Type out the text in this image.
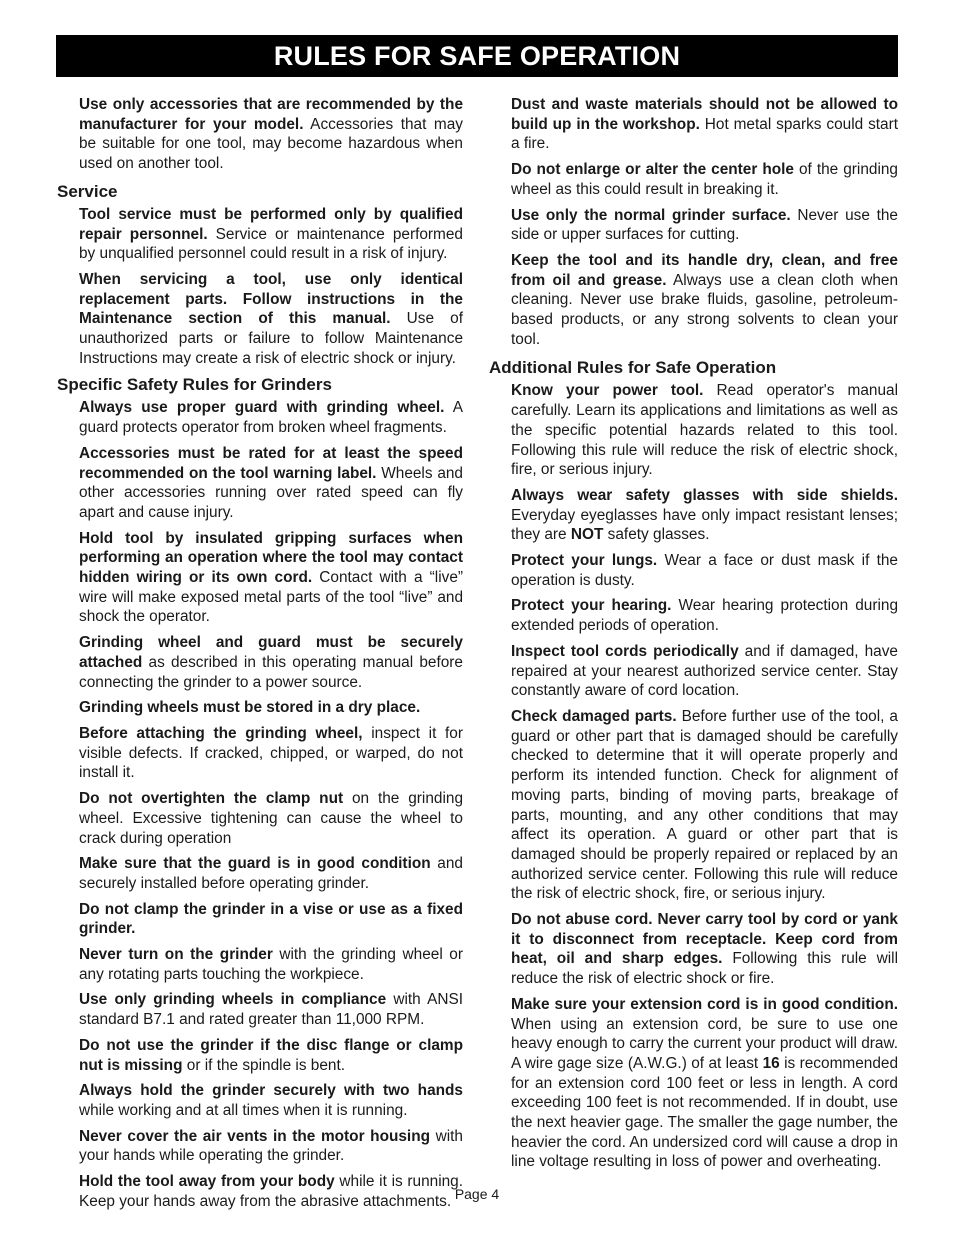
RULES FOR SAFE OPERATION

Use only accessories that are recommended by the manufacturer for your model. Accessories that may be suitable for one tool, may become hazardous when used on another tool.

Service

Tool service must be performed only by qualified repair personnel. Service or maintenance performed by unqualified personnel could result in a risk of injury.

When servicing a tool, use only identical replacement parts. Follow instructions in the Maintenance section of this manual. Use of unauthorized parts or failure to follow Maintenance Instructions may create a risk of electric shock or injury.

Specific Safety Rules for Grinders

Always use proper guard with grinding wheel. A guard protects operator from broken wheel fragments.

Accessories must be rated for at least the speed recommended on the tool warning label. Wheels and other accessories running over rated speed can fly apart and cause injury.

Hold tool by insulated gripping surfaces when performing an operation where the tool may contact hidden wiring or its own cord. Contact with a “live” wire will make exposed metal parts of the tool “live” and shock the operator.

Grinding wheel and guard must be securely attached as described in this operating manual before connecting the grinder to a power source.

Grinding wheels must be stored in a dry place.

Before attaching the grinding wheel, inspect it for visible defects. If cracked, chipped, or warped, do not install it.

Do not overtighten the clamp nut on the grinding wheel. Excessive tightening can cause the wheel to crack during operation

Make sure that the guard is in good condition and securely installed before operating grinder.

Do not clamp the grinder in a vise or use as a fixed grinder.

Never turn on the grinder with the grinding wheel or any rotating parts touching the workpiece.

Use only grinding wheels in compliance with ANSI standard B7.1 and rated greater than 11,000 RPM.

Do not use the grinder if the disc flange or clamp nut is missing or if the spindle is bent.

Always hold the grinder securely with two hands while working and at all times when it is running.

Never cover the air vents in the motor housing with your hands while operating the grinder.

Hold the tool away from your body while it is running. Keep your hands away from the abrasive attachments.

Dust and waste materials should not be allowed to build up in the workshop. Hot metal sparks could start a fire.

Do not enlarge or alter the center hole of the grinding wheel as this could result in breaking it.

Use only the normal grinder surface. Never use the side or upper surfaces for cutting.

Keep the tool and its handle dry, clean, and free from oil and grease. Always use a clean cloth when cleaning. Never use brake fluids, gasoline, petroleum-based products, or any strong solvents to clean your tool.

Additional Rules for Safe Operation

Know your power tool. Read operator's manual carefully. Learn its applications and limitations as well as the specific potential hazards related to this tool. Following this rule will reduce the risk of electric shock, fire, or serious injury.

Always wear safety glasses with side shields. Everyday eyeglasses have only impact resistant lenses; they are NOT safety glasses.

Protect your lungs. Wear a face or dust mask if the operation is dusty.

Protect your hearing. Wear hearing protection during extended periods of operation.

Inspect tool cords periodically and if damaged, have repaired at your nearest authorized service center. Stay constantly aware of cord location.

Check damaged parts. Before further use of the tool, a guard or other part that is damaged should be carefully checked to determine that it will operate properly and perform its intended function. Check for alignment of moving parts, binding of moving parts, breakage of parts, mounting, and any other conditions that may affect its operation. A guard or other part that is damaged should be properly repaired or replaced by an authorized service center. Following this rule will reduce the risk of electric shock, fire, or serious injury.

Do not abuse cord. Never carry tool by cord or yank it to disconnect from receptacle. Keep cord from heat, oil and sharp edges. Following this rule will reduce the risk of electric shock or fire.

Make sure your extension cord is in good condition. When using an extension cord, be sure to use one heavy enough to carry the current your product will draw. A wire gage size (A.W.G.) of at least 16 is recommended for an extension cord 100 feet or less in length. A cord exceeding 100 feet is not recommended. If in doubt, use the next heavier gage. The smaller the gage number, the heavier the cord. An undersized cord will cause a drop in line voltage resulting in loss of power and overheating.

Page 4
